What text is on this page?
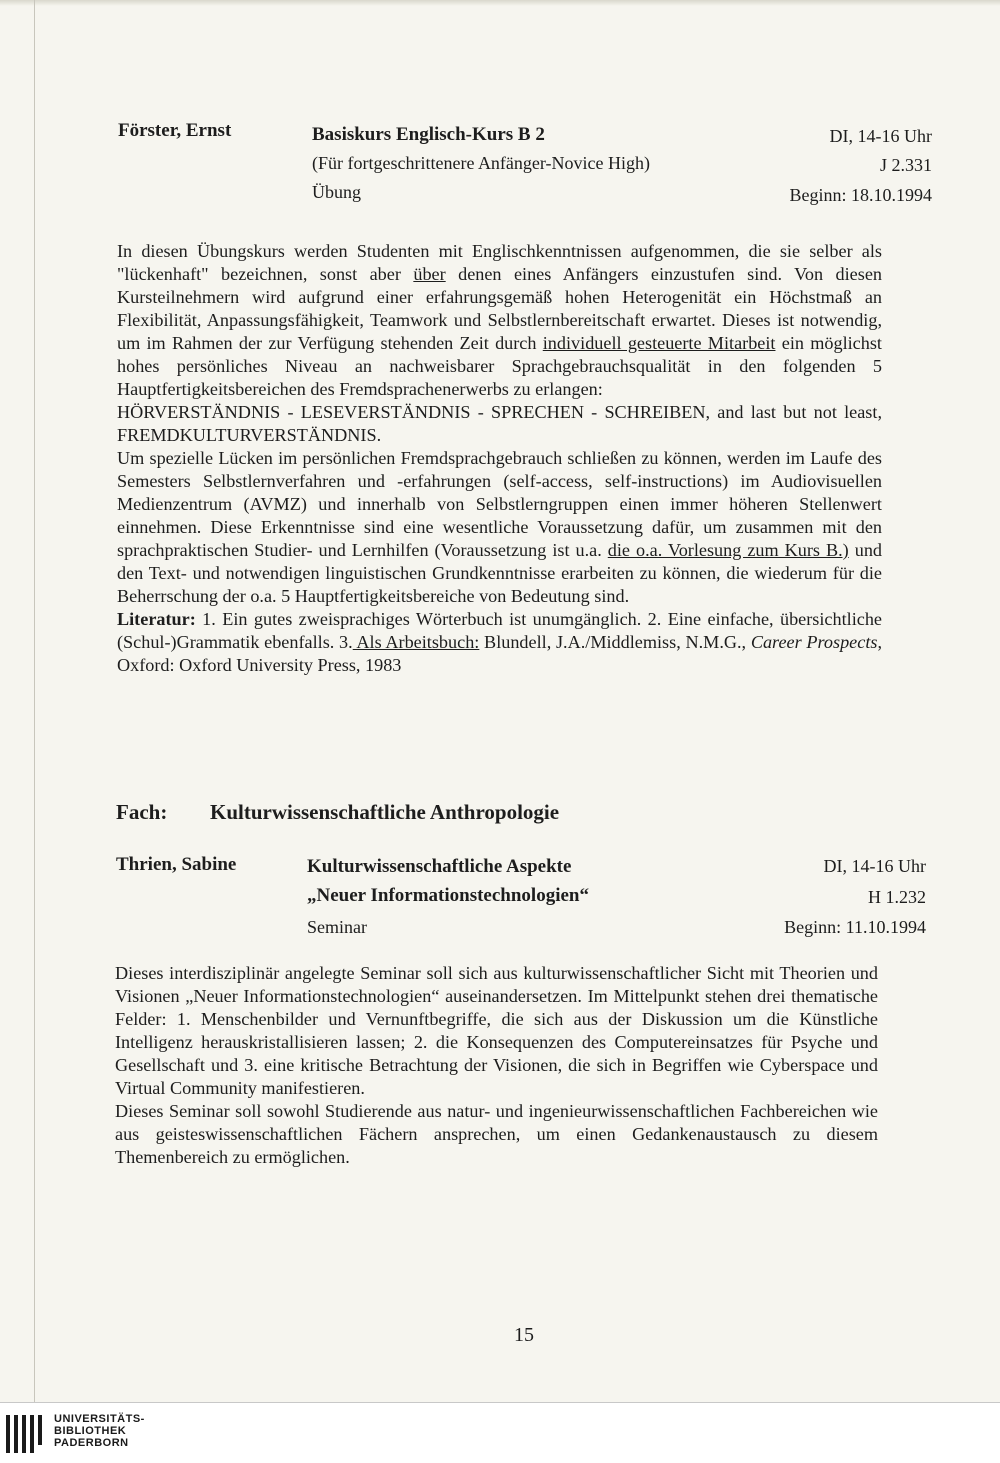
Förster, Ernst	Basiskurs Englisch-Kurs B 2
(Für fortgeschrittenere Anfänger-Novice High)
Übung
DI, 14-16 Uhr
J 2.331
Beginn: 18.10.1994

In diesen Übungskurs werden Studenten mit Englischkenntnissen aufgenommen, die sie selber als "lückenhaft" bezeichnen, sonst aber über denen eines Anfängers einzustufen sind. Von diesen Kursteilnehmern wird aufgrund einer erfahrungsgemäß hohen Heterogenität ein Höchstmaß an Flexibilität, Anpassungsfähigkeit, Teamwork und Selbstlernbereitschaft erwartet. Dieses ist notwendig, um im Rahmen der zur Verfügung stehenden Zeit durch individuell gesteuerte Mitarbeit ein möglichst hohes persönliches Niveau an nachweisbarer Sprachgebrauchsqualität in den folgenden 5 Hauptfertigkeitsbereichen des Fremdsprachenerwerbs zu erlangen:

HÖRVERSTÄNDNIS - LESEVERSTÄNDNIS - SPRECHEN - SCHREIBEN, and last but not least, FREMDKULTURVERSTÄNDNIS.

Um spezielle Lücken im persönlichen Fremdsprachgebrauch schließen zu können, werden im Laufe des Semesters Selbstlernverfahren und -erfahrungen (self-access, self-instructions) im Audiovisuellen Medienzentrum (AVMZ) und innerhalb von Selbstlerngruppen einen immer höheren Stellenwert einnehmen. Diese Erkenntnisse sind eine wesentliche Voraussetzung dafür, um zusammen mit den sprachpraktischen Studier- und Lernhilfen (Voraussetzung ist u.a. die o.a. Vorlesung zum Kurs B.) und den Text- und notwendigen linguistischen Grundkenntnisse erarbeiten zu können, die wiederum für die Beherrschung der o.a. 5 Hauptfertigkeitsbereiche von Bedeutung sind.

Literatur: 1. Ein gutes zweisprachiges Wörterbuch ist unumgänglich. 2. Eine einfache, übersichtliche (Schul-)Grammatik ebenfalls. 3. Als Arbeitsbuch: Blundell, J.A./Middlemiss, N.M.G., Career Prospects, Oxford: Oxford University Press, 1983

Fach: Kulturwissenschaftliche Anthropologie
Thrien, Sabine	Kulturwissenschaftliche Aspekte
„Neuer Informationstechnologien“
Seminar
DI, 14-16 Uhr
H 1.232
Beginn: 11.10.1994

Dieses interdisziplinär angelegte Seminar soll sich aus kulturwissenschaftlicher Sicht mit Theorien und Visionen „Neuer Informationstechnologien“ auseinandersetzen. Im Mittelpunkt stehen drei thematische Felder: 1. Menschenbilder und Vernunftbegriffe, die sich aus der Diskussion um die Künstliche Intelligenz herauskristallisieren lassen; 2. die Konsequenzen des Computereinsatzes für Psyche und Gesellschaft und 3. eine kritische Betrachtung der Visionen, die sich in Begriffen wie Cyberspace und Virtual Community manifestieren.

Dieses Seminar soll sowohl Studierende aus natur- und ingenieurwissenschaftlichen Fachbereichen wie aus geisteswissenschaftlichen Fächern ansprechen, um einen Gedankenaustausch zu diesem Themenbereich zu ermöglichen.

15
UNIVERSITÄTS-
BIBLIOTHEK
PADERBORN
